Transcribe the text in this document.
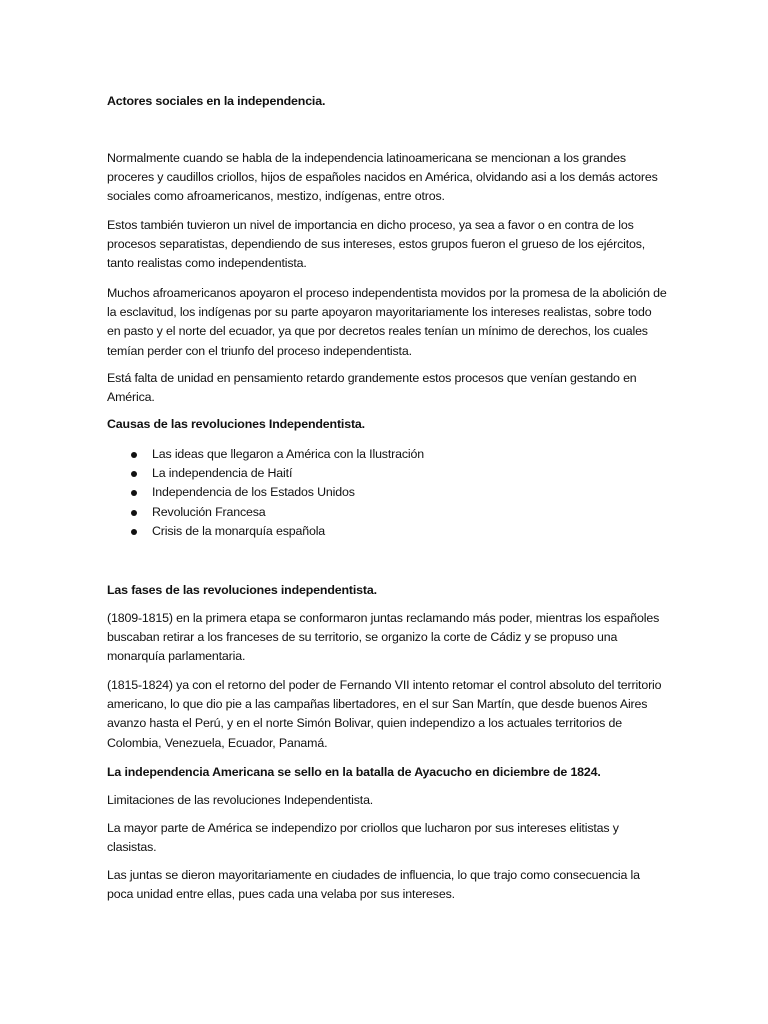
Actores sociales en la independencia.

Normalmente cuando se habla de la independencia latinoamericana se mencionan a los grandes proceres y caudillos criollos, hijos de españoles nacidos en América, olvidando asi a los demás actores sociales como afroamericanos, mestizo, indígenas, entre otros.

Estos también tuvieron un nivel de importancia en dicho proceso, ya sea a favor o en contra de los procesos separatistas, dependiendo de sus intereses, estos grupos fueron el grueso de los ejércitos, tanto realistas como independentista.

Muchos afroamericanos apoyaron el proceso independentista movidos por la promesa de la abolición de la esclavitud, los indígenas por su parte apoyaron mayoritariamente los intereses realistas, sobre todo en pasto y el norte del ecuador, ya que por decretos reales tenían un mínimo de derechos, los cuales temían perder con el triunfo del proceso independentista.

Está falta de unidad en pensamiento retardo grandemente estos procesos que venían gestando en América.

Causas de las revoluciones Independentista.

Las ideas que llegaron a América con la Ilustración
La independencia de Haití
Independencia de los Estados Unidos
Revolución Francesa
Crisis de la monarquía española

Las fases de las revoluciones independentista.

(1809-1815) en la primera etapa se conformaron juntas reclamando más poder, mientras los españoles buscaban retirar a los franceses de su territorio, se organizo la corte de Cádiz y se propuso una monarquía parlamentaria.

(1815-1824) ya con el retorno del poder de Fernando VII intento retomar el control absoluto del territorio americano, lo que dio pie a las campañas libertadores, en el sur San Martín, que desde buenos Aires avanzo hasta el Perú, y en el norte Simón Bolivar, quien independizo a los actuales territorios de Colombia, Venezuela, Ecuador, Panamá.

La independencia Americana se sello en la batalla de Ayacucho en diciembre de 1824.

Limitaciones de las revoluciones Independentista.

La mayor parte de América se independizo por criollos que lucharon por sus intereses elitistas y clasistas.

Las juntas se dieron mayoritariamente en ciudades de influencia, lo que trajo como consecuencia la poca unidad entre ellas, pues cada una velaba por sus intereses.
